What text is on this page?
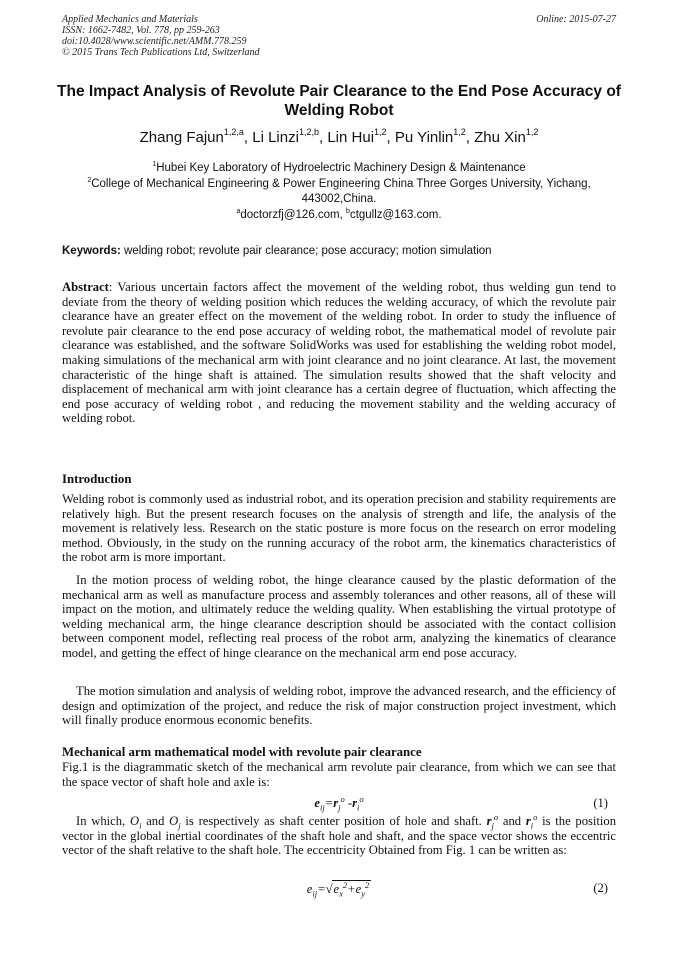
Applied Mechanics and Materials
ISSN: 1662-7482, Vol. 778, pp 259-263
doi:10.4028/www.scientific.net/AMM.778.259
© 2015 Trans Tech Publications Ltd, Switzerland
Online: 2015-07-27
The Impact Analysis of Revolute Pair Clearance to the End Pose Accuracy of Welding Robot
Zhang Fajun$^{1,2,a}$, Li Linzi$^{1,2,b}$, Lin Hui$^{1,2}$, Pu Yinlin$^{1,2}$, Zhu Xin$^{1,2}$
$^1$Hubei Key Laboratory of Hydroelectric Machinery Design & Maintenance
$^2$College of Mechanical Engineering & Power Engineering China Three Gorges University, Yichang, 443002,China.
$^a$doctorzfj@126.com, $^b$ctgullz@163.com.
Keywords: welding robot; revolute pair clearance; pose accuracy; motion simulation
Abstract: Various uncertain factors affect the movement of the welding robot, thus welding gun tend to deviate from the theory of welding position which reduces the welding accuracy, of which the revolute pair clearance have an greater effect on the movement of the welding robot. In order to study the influence of revolute pair clearance to the end pose accuracy of welding robot, the mathematical model of revolute pair clearance was established, and the software SolidWorks was used for establishing the welding robot model, making simulations of the mechanical arm with joint clearance and no joint clearance. At last, the movement characteristic of the hinge shaft is attained. The simulation results showed that the shaft velocity and displacement of mechanical arm with joint clearance has a certain degree of fluctuation, which affecting the end pose accuracy of welding robot , and reducing the movement stability and the welding accuracy of welding robot.
Introduction
Welding robot is commonly used as industrial robot, and its operation precision and stability requirements are relatively high. But the present research focuses on the analysis of strength and life, the analysis of the movement is relatively less. Research on the static posture is more focus on the research on error modeling method. Obviously, in the study on the running accuracy of the robot arm, the kinematics characteristics of the robot arm is more important.
In the motion process of welding robot, the hinge clearance caused by the plastic deformation of the mechanical arm as well as manufacture process and assembly tolerances and other reasons, all of these will impact on the motion, and ultimately reduce the welding quality. When establishing the virtual prototype of welding mechanical arm, the hinge clearance description should be associated with the contact collision between component model, reflecting real process of the robot arm, analyzing the kinematics of clearance model, and getting the effect of hinge clearance on the mechanical arm end pose accuracy.
The motion simulation and analysis of welding robot, improve the advanced research, and the efficiency of design and optimization of the project, and reduce the risk of major construction project investment, which will finally produce enormous economic benefits.
Mechanical arm mathematical model with revolute pair clearance
Fig.1 is the diagrammatic sketch of the mechanical arm revolute pair clearance, from which we can see that the space vector of shaft hole and axle is:
$e_{ij}=r_j^o$ $-r_i^o$	(1)
In which, $O_i$ and $O_j$ is respectively as shaft center position of hole and shaft. $r_j^o$ and $r_i^o$ is the position vector in the global inertial coordinates of the shaft hole and shaft, and the space vector shows the eccentric vector of the shaft relative to the shaft hole. The eccentricity Obtained from Fig. 1 can be written as:
$e_{ij}=√e_x^2+e_y^2$	(2)
